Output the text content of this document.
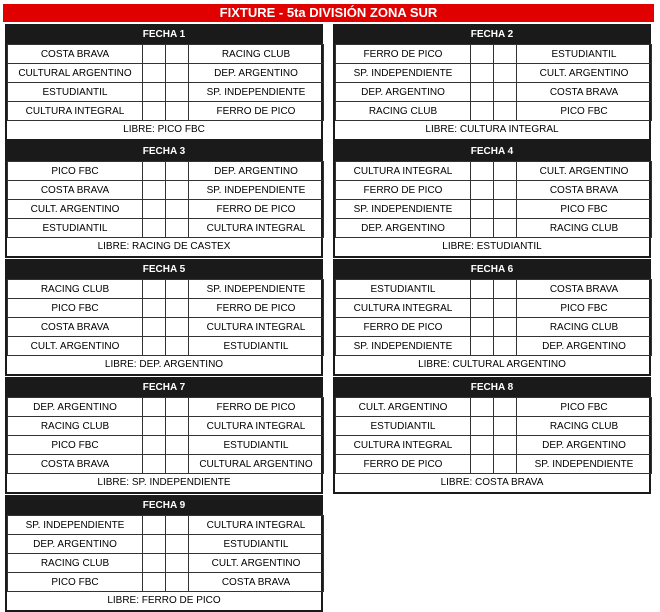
FIXTURE - 5ta DIVISIÓN ZONA SUR
FECHA 1
COSTA BRAVA			RACING CLUB
CULTURAL ARGENTINO			DEP. ARGENTINO
ESTUDIANTIL			SP. INDEPENDIENTE
CULTURA INTEGRAL			FERRO DE PICO
LIBRE: PICO FBC
FECHA 2
FERRO DE PICO			ESTUDIANTIL
SP. INDEPENDIENTE			CULT. ARGENTINO
DEP. ARGENTINO			COSTA BRAVA
RACING CLUB			PICO FBC
LIBRE: CULTURA INTEGRAL
FECHA 3
PICO FBC			DEP. ARGENTINO
COSTA BRAVA			SP. INDEPENDIENTE
CULT. ARGENTINO			FERRO DE PICO
ESTUDIANTIL			CULTURA INTEGRAL
LIBRE: RACING DE CASTEX
FECHA 4
CULTURA INTEGRAL			CULT. ARGENTINO
FERRO DE PICO			COSTA BRAVA
SP. INDEPENDIENTE			PICO FBC
DEP. ARGENTINO			RACING CLUB
LIBRE: ESTUDIANTIL
FECHA 5
RACING CLUB			SP. INDEPENDIENTE
PICO FBC			FERRO DE PICO
COSTA BRAVA			CULTURA INTEGRAL
CULT. ARGENTINO			ESTUDIANTIL
LIBRE: DEP. ARGENTINO
FECHA 6
ESTUDIANTIL			COSTA BRAVA
CULTURA INTEGRAL			PICO FBC
FERRO DE PICO			RACING CLUB
SP. INDEPENDIENTE			DEP. ARGENTINO
LIBRE: CULTURAL ARGENTINO
FECHA 7
DEP. ARGENTINO			FERRO DE PICO
RACING CLUB			CULTURA INTEGRAL
PICO FBC			ESTUDIANTIL
COSTA BRAVA			CULTURAL ARGENTINO
LIBRE: SP. INDEPENDIENTE
FECHA 8
CULT. ARGENTINO			PICO FBC
ESTUDIANTIL			RACING CLUB
CULTURA INTEGRAL			DEP. ARGENTINO
FERRO DE PICO			SP. INDEPENDIENTE
LIBRE: COSTA BRAVA
FECHA 9
SP. INDEPENDIENTE			CULTURA INTEGRAL
DEP. ARGENTINO			ESTUDIANTIL
RACING CLUB			CULT. ARGENTINO
PICO FBC			COSTA BRAVA
LIBRE: FERRO DE PICO
